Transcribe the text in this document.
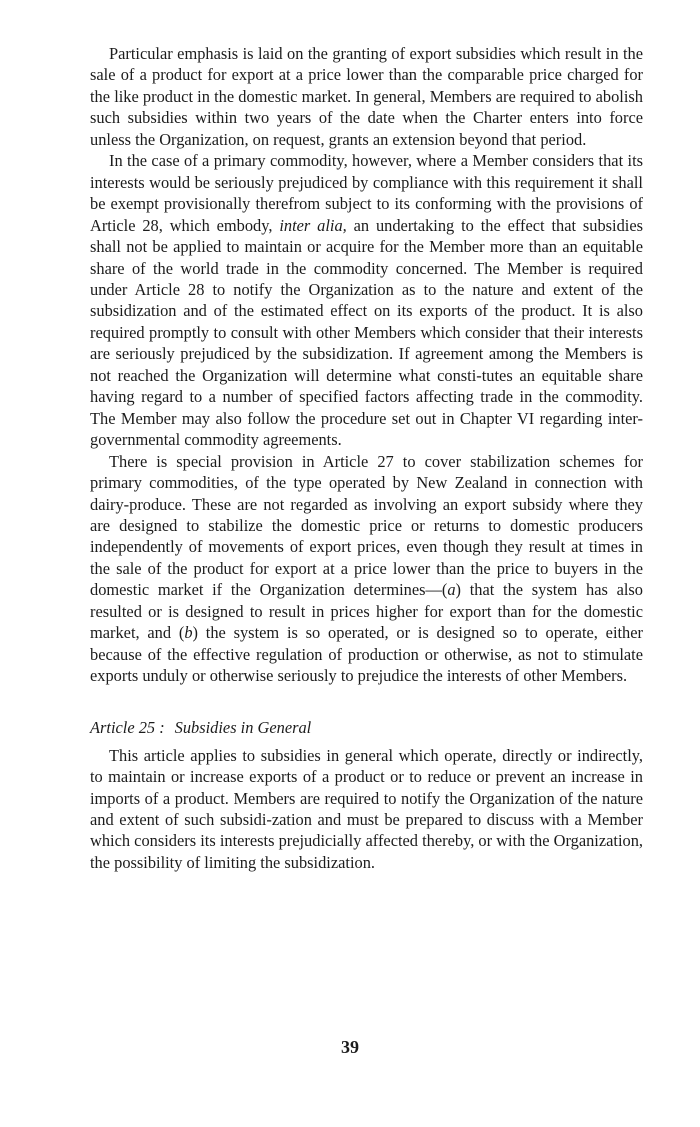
Particular emphasis is laid on the granting of export subsidies which result in the sale of a product for export at a price lower than the comparable price charged for the like product in the domestic market. In general, Members are required to abolish such subsidies within two years of the date when the Charter enters into force unless the Organization, on request, grants an extension beyond that period.

In the case of a primary commodity, however, where a Member considers that its interests would be seriously prejudiced by compliance with this requirement it shall be exempt provisionally therefrom subject to its conforming with the provisions of Article 28, which embody, inter alia, an undertaking to the effect that subsidies shall not be applied to maintain or acquire for the Member more than an equitable share of the world trade in the commodity concerned. The Member is required under Article 28 to notify the Organization as to the nature and extent of the subsidization and of the estimated effect on its exports of the product. It is also required promptly to consult with other Members which consider that their interests are seriously prejudiced by the subsidization. If agreement among the Members is not reached the Organization will determine what consti-tutes an equitable share having regard to a number of specified factors affecting trade in the commodity. The Member may also follow the procedure set out in Chapter VI regarding inter-governmental commodity agreements.

There is special provision in Article 27 to cover stabilization schemes for primary commodities, of the type operated by New Zealand in connection with dairy-produce. These are not regarded as involving an export subsidy where they are designed to stabilize the domestic price or returns to domestic producers independently of movements of export prices, even though they result at times in the sale of the product for export at a price lower than the price to buyers in the domestic market if the Organization determines—(a) that the system has also resulted or is designed to result in prices higher for export than for the domestic market, and (b) the system is so operated, or is designed so to operate, either because of the effective regulation of production or otherwise, as not to stimulate exports unduly or otherwise seriously to prejudice the interests of other Members.

Article 25 : Subsidies in General

This article applies to subsidies in general which operate, directly or indirectly, to maintain or increase exports of a product or to reduce or prevent an increase in imports of a product. Members are required to notify the Organization of the nature and extent of such subsidi-zation and must be prepared to discuss with a Member which considers its interests prejudicially affected thereby, or with the Organization, the possibility of limiting the subsidization.

39
